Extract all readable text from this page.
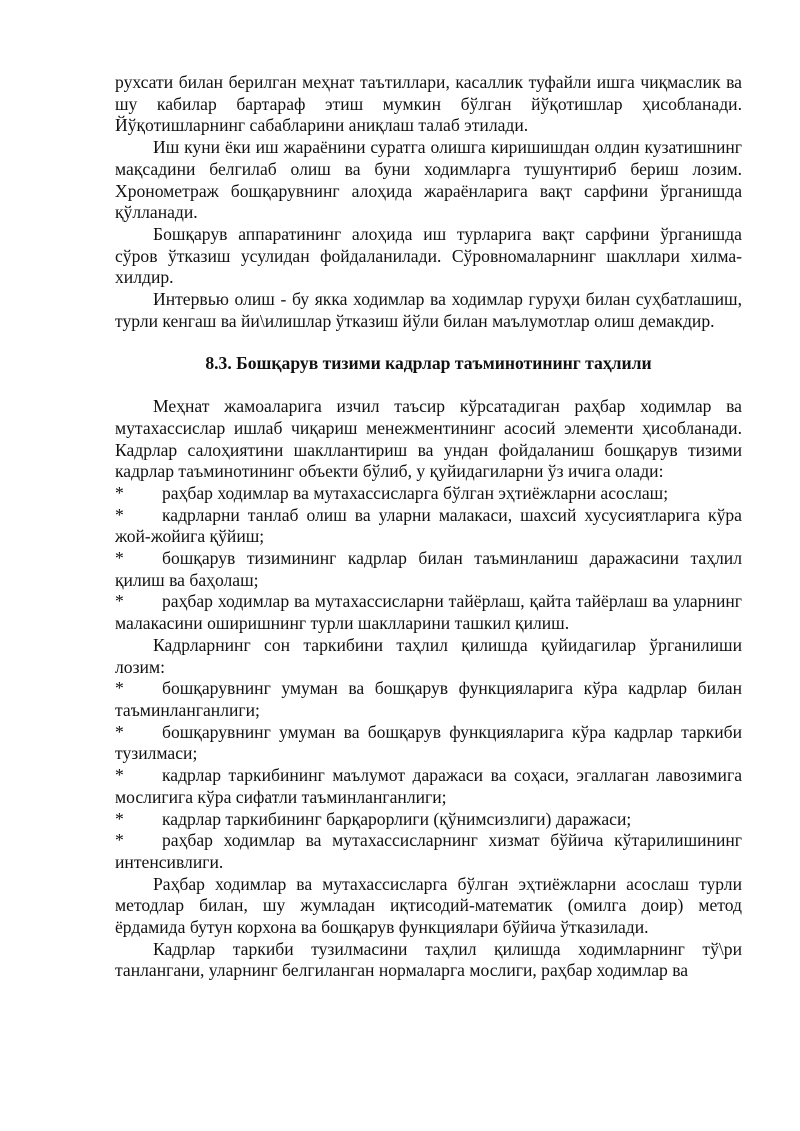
рухсати билан берилган меҳнат таътиллари, касаллик туфайли ишга чиқмаслик ва шу кабилар бартараф этиш мумкин бўлган йўқотишлар ҳисобланади. Йўқотишларнинг сабабларини аниқлаш талаб этилади.

Иш куни ёки иш жараёнини суратга олишга киришишдан олдин кузатишнинг мақсадини белгилаб олиш ва буни ходимларга тушунтириб бериш лозим. Хронометраж бошқарувнинг алоҳида жараёнларига вақт сарфини ўрганишда қўлланади.

Бошқарув аппаратининг алоҳида иш турларига вақт сарфини ўрганишда сўров ўтказиш усулидан фойдаланилади. Сўровномаларнинг шакллари хилма-хилдир.

Интервью олиш - бу якка ходимлар ва ходимлар гуруҳи билан суҳбатлашиш, турли кенгаш ва йи\илишлар ўтказиш йўли билан маълумотлар олиш демакдир.

8.3. Бошқарув тизими кадрлар таъминотининг таҳлили

Меҳнат жамоаларига изчил таъсир кўрсатадиган раҳбар ходимлар ва мутахассислар ишлаб чиқариш менежментининг асосий элементи ҳисобланади. Кадрлар салоҳиятини шакллантириш ва ундан фойдаланиш бошқарув тизими кадрлар таъминотининг объекти бўлиб, у қуйидагиларни ўз ичига олади:

* раҳбар ходимлар ва мутахассисларга бўлган эҳтиёжларни асослаш;

* кадрларни танлаб олиш ва уларни малакаси, шахсий хусусиятларига кўра жой-жойига қўйиш;

* бошқарув тизимининг кадрлар билан таъминланиш даражасини таҳлил қилиш ва баҳолаш;

* раҳбар ходимлар ва мутахассисларни тайёрлаш, қайта тайёрлаш ва уларнинг малакасини оширишнинг турли шаклларини ташкил қилиш.

Кадрларнинг сон таркибини таҳлил қилишда қуйидагилар ўрганилиши лозим:

* бошқарувнинг умуман ва бошқарув функцияларига кўра кадрлар билан таъминланганлиги;

* бошқарувнинг умуман ва бошқарув функцияларига кўра кадрлар таркиби тузилмаси;

* кадрлар таркибининг маълумот даражаси ва соҳаси, эгаллаган лавозимига мослигига кўра сифатли таъминланганлиги;

* кадрлар таркибининг барқарорлиги (қўнимсизлиги) даражаси;

* раҳбар ходимлар ва мутахассисларнинг хизмат бўйича кўтарилишининг интенсивлиги.

Раҳбар ходимлар ва мутахассисларга бўлган эҳтиёжларни асослаш турли методлар билан, шу жумладан иқтисодий-математик (омилга доир) метод ёрдамида бутун корхона ва бошқарув функциялари бўйича ўтказилади.

Кадрлар таркиби тузилмасини таҳлил қилишда ходимларнинг тў\ри танлангани, уларнинг белгиланган нормаларга мослиги, раҳбар ходимлар ва
